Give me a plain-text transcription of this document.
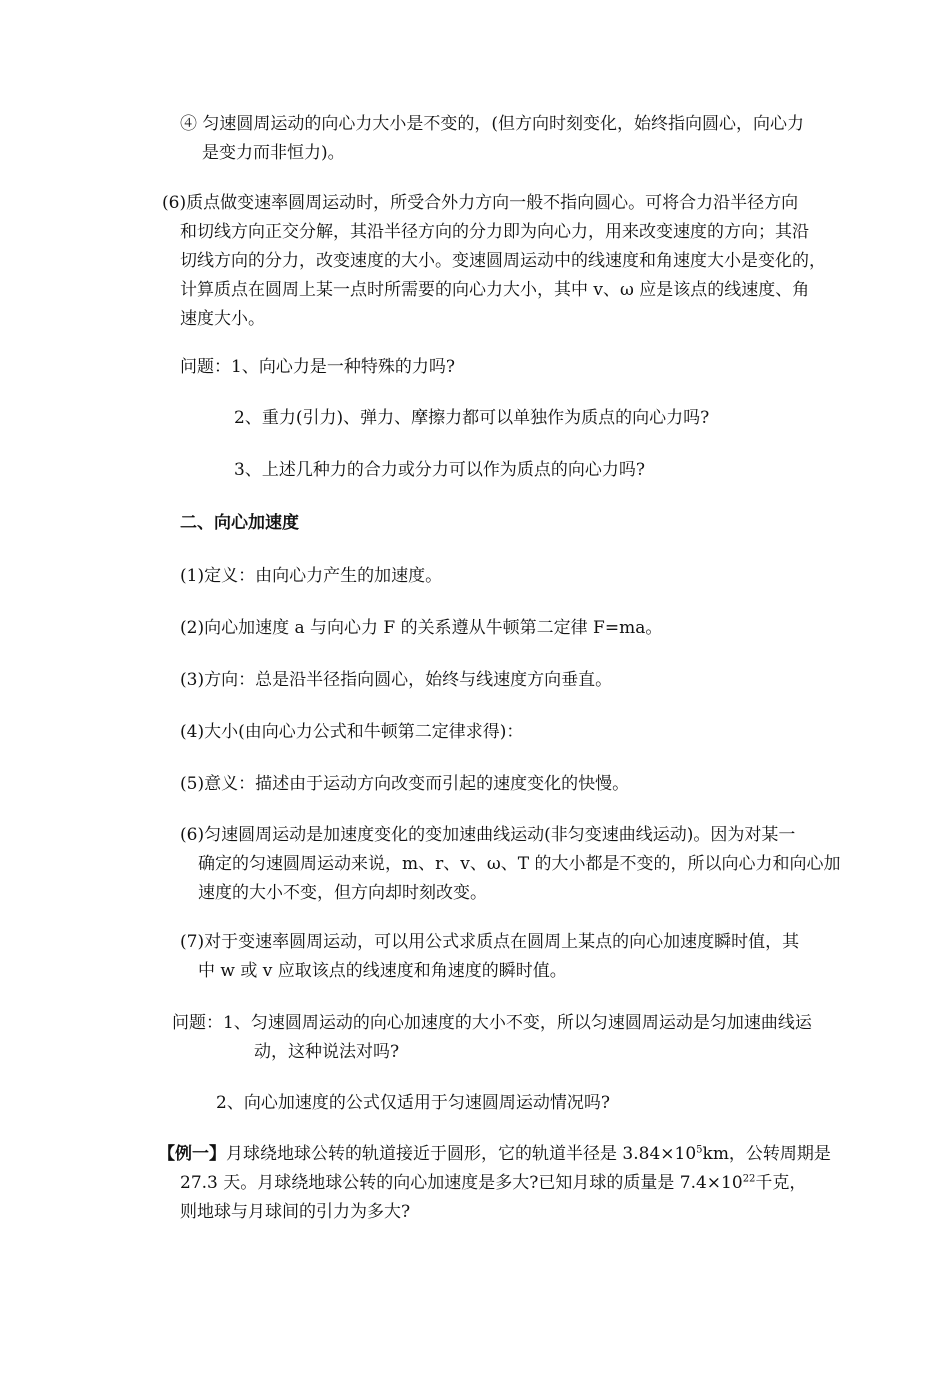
④ 匀速圆周运动的向心力大小是不变的，(但方向时刻变化，始终指向圆心，向心力
是变力而非恒力)。
(6)质点做变速率圆周运动时，所受合外力方向一般不指向圆心。可将合力沿半径方向
和切线方向正交分解，其沿半径方向的分力即为向心力，用来改变速度的方向；其沿
切线方向的分力，改变速度的大小。变速圆周运动中的线速度和角速度大小是变化的，
计算质点在圆周上某一点时所需要的向心力大小，其中 v、ω 应是该点的线速度、角
速度大小。
问题：1、向心力是一种特殊的力吗?
2、重力(引力)、弹力、摩擦力都可以单独作为质点的向心力吗?
3、上述几种力的合力或分力可以作为质点的向心力吗?
二、向心加速度
(1)定义：由向心力产生的加速度。
(2)向心加速度 a 与向心力 F 的关系遵从牛顿第二定律 F=ma。
(3)方向：总是沿半径指向圆心，始终与线速度方向垂直。
(4)大小(由向心力公式和牛顿第二定律求得)：
(5)意义：描述由于运动方向改变而引起的速度变化的快慢。
(6)匀速圆周运动是加速度变化的变加速曲线运动(非匀变速曲线运动)。因为对某一
确定的匀速圆周运动来说，m、r、v、ω、T 的大小都是不变的，所以向心力和向心加
速度的大小不变，但方向却时刻改变。
(7)对于变速率圆周运动，可以用公式求质点在圆周上某点的向心加速度瞬时值，其
中 w 或 v 应取该点的线速度和角速度的瞬时值。
问题：1、匀速圆周运动的向心加速度的大小不变，所以匀速圆周运动是匀加速曲线运
动，这种说法对吗?
2、向心加速度的公式仅适用于匀速圆周运动情况吗?
【例一】月球绕地球公转的轨道接近于圆形，它的轨道半径是 $3.84\times 10^5km$，公转周期是
27.3 天。月球绕地球公转的向心加速度是多大?已知月球的质量是 $7.4\times 10^{22}$千克，
则地球与月球间的引力为多大?
